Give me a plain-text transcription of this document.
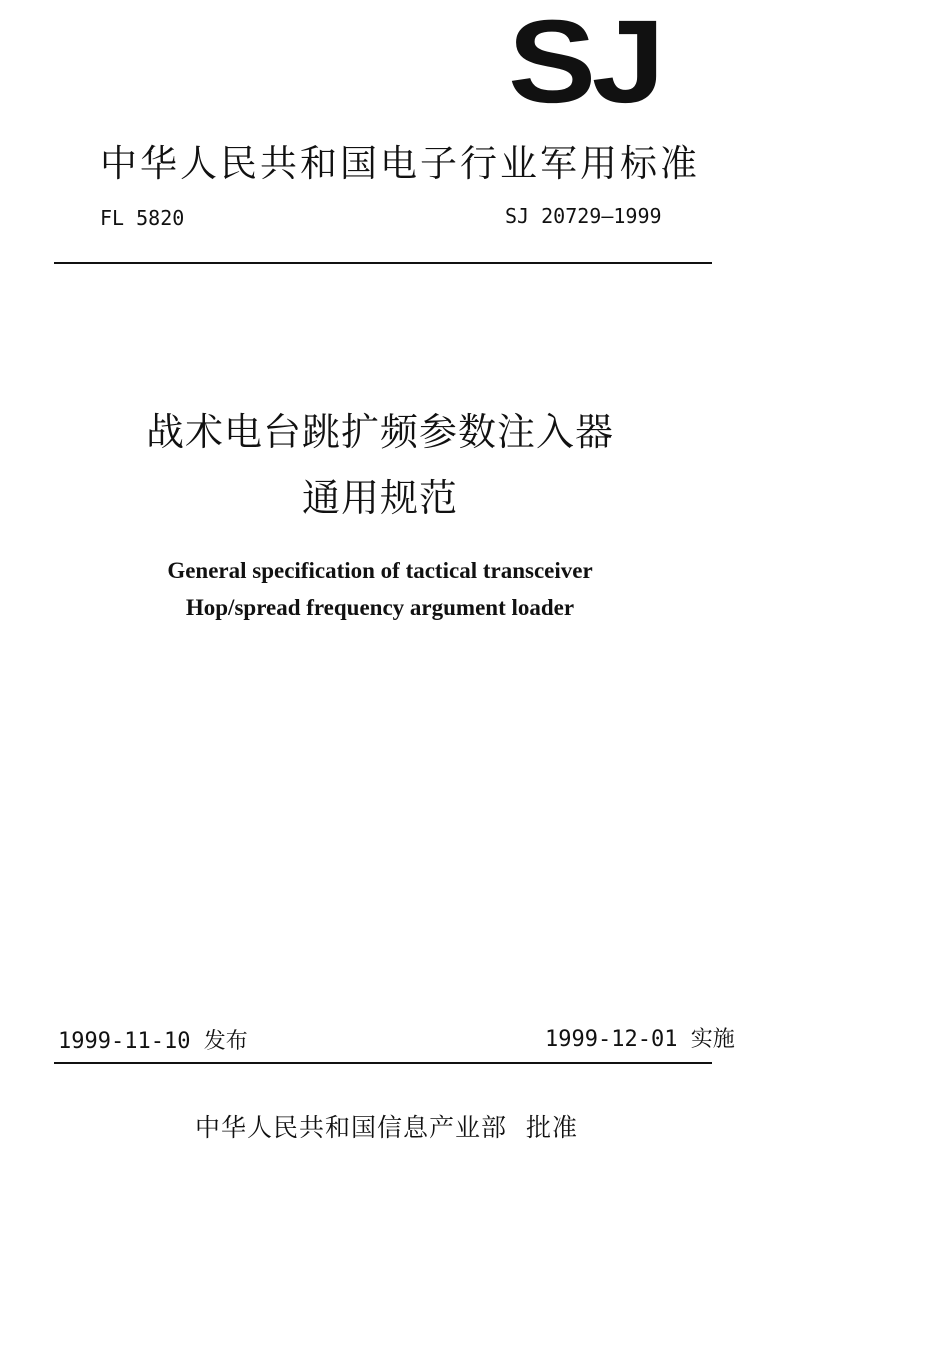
SJ
中华人民共和国电子行业军用标准
FL 5820	SJ 20729—1999
战术电台跳扩频参数注入器
通用规范
General specification of tactical transceiver
Hop/spread frequency argument loader
1999-11-10 发布	1999-12-01 实施
中华人民共和国信息产业部 批准
